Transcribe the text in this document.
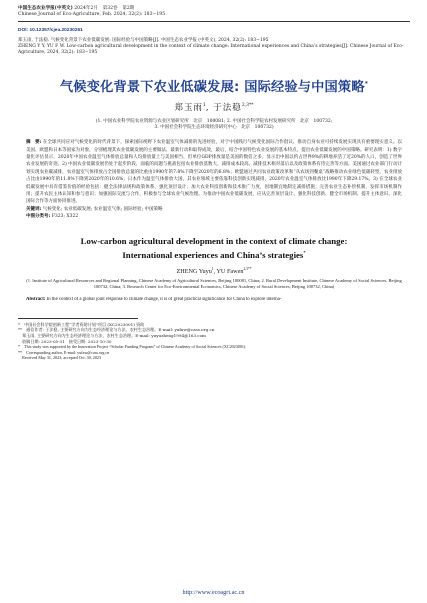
中国生态农业学报(中英文) 2024年2月　第32卷　第2期
Chinese Journal of Eco-Agriculture, Feb. 2024, 32(2): 183−195
DOI: 10.12357/cjea.20230261
郑玉雨, 于法稳. 气候变化背景下农业低碳发展: 国际经验与中国策略[J]. 中国生态农业学报 (中英文), 2024, 32(2): 183−195
ZHENG Y Y, YU F W. Low-carbon agricultural development in the context of climate change: International experiences and China’s strategies[J]. Chinese Journal of Eco-Agriculture, 2024, 32(2): 183−195
气候变化背景下农业低碳发展: 国际经验与中国策略*
郑玉雨$^1$, 于法稳$^{2,3**}$
(1. 中国农业科学院农业资源与农业区划研究所　北京　100081; 2. 中国社会科学院农村发展研究所　北京　100732;
3. 中国社会科学院生态环境经济研究中心　北京　100732)
摘　要: 在全球共同应对气候变化的时代背景下，探索国际视野下农业温室气体减排的先进经验，对于中国践行气候变化国际合作倡议、推动自身农业可持续发展实现具有重要现实意义。以美国、欧盟和日本等国家为对象，分别梳理其农业低碳发展的主要做法、最新行动和取得成效，最后，结合中国特色农业发展的基本特点，提出农业低碳发展的中国策略。研究表明：1) 数字量化评估显示，2020年中国农业温室气体排放总量和人均排放量上与美国相当，但单位GDP排放量是美国的数倍之多，显示出中国以约占世界9%的耕地养活了近20%的人口，创造了世界农业发展的奇迹。2) 中国农业低碳发展仍处于起步阶段，面临的问题与挑战包括农业排放基数大、减排成本较高、减排技术相对落后以及政策体系有待完善等方面。美国通过农业部门行动计划实现农业碳减排，农业温室气体排放占全国排放总量的比重由1990年的7.8%下降至2020年的6.8%；欧盟通过共同农业政策改革和“从农场到餐桌”战略推动农业绿色低碳转型，农业排放占比由1990年的11.8%下降到2020年的10.6%；日本作为温室气体排放大国，其农业领域主要依靠科技创新实现减排，2020年农业温室气体排放比1990年下降29.17%。3) 在全球农业低碳发展中具有借鉴价值的经验包括：健全法律法规和政策体系，强化顶层设计；加大农业科技创新和技术推广力度，因地制宜地制定减排措施；完善农业生态补偿机制，发挥市场机制作用；提升农民主体认知和参与意识；加强国际交流与合作，积极参与全球农业气候治理。为推动中国农业低碳发展，应从完善顶层设计、强化科技创新、健全市场机制、提升主体意识、深化国际合作等方面协同推进。
关键词: 气候变化; 农业低碳发展; 农业温室气体; 国际经验; 中国策略
中图分类号: F323; X322
Low-carbon agricultural development in the context of climate change:
International experiences and China’s strategies*
ZHENG Yuyu$^1$, YU Fawen$^{2,3**}$
(1. Institute of Agricultural Resources and Regional Planning, Chinese Academy of Agricultural Sciences, Beijing 100081, China; 2. Rural Development Institute, Chinese Academy of Social Sciences, Beijing 100732, China; 3. Research Center for Eco-Environmental Economics, Chinese Academy of Social Sciences, Beijing 100732, China)
Abstract: In the context of a global joint response to climate change, it is of great practical significance for China to explore interna-
*　中国社会科学院创新工程“学者资助计划”项目 (XC2023001) 资助
**　通信作者: 于法稳, 主要研究方向为生态经济理论与方法、农村生态治理。E-mail: yufaw@cass.org.cn
　郑玉雨, 主要研究方向为生态经济理论与方法、农村生态治理。E-mail: yuyuzheng1994@163.com
　收稿日期: 2023-05-31　接受日期: 2023-10-30
*　This study was supported by the Innovation Project “Scholar Funding Program” of Chinese Academy of Social Sciences (XC2023001).
**　Corresponding author, E-mail: yufaw@cass.org.cn
　Received May 31, 2023; accepted Oct. 30, 2023
http://www.ecoagri.ac.cn
